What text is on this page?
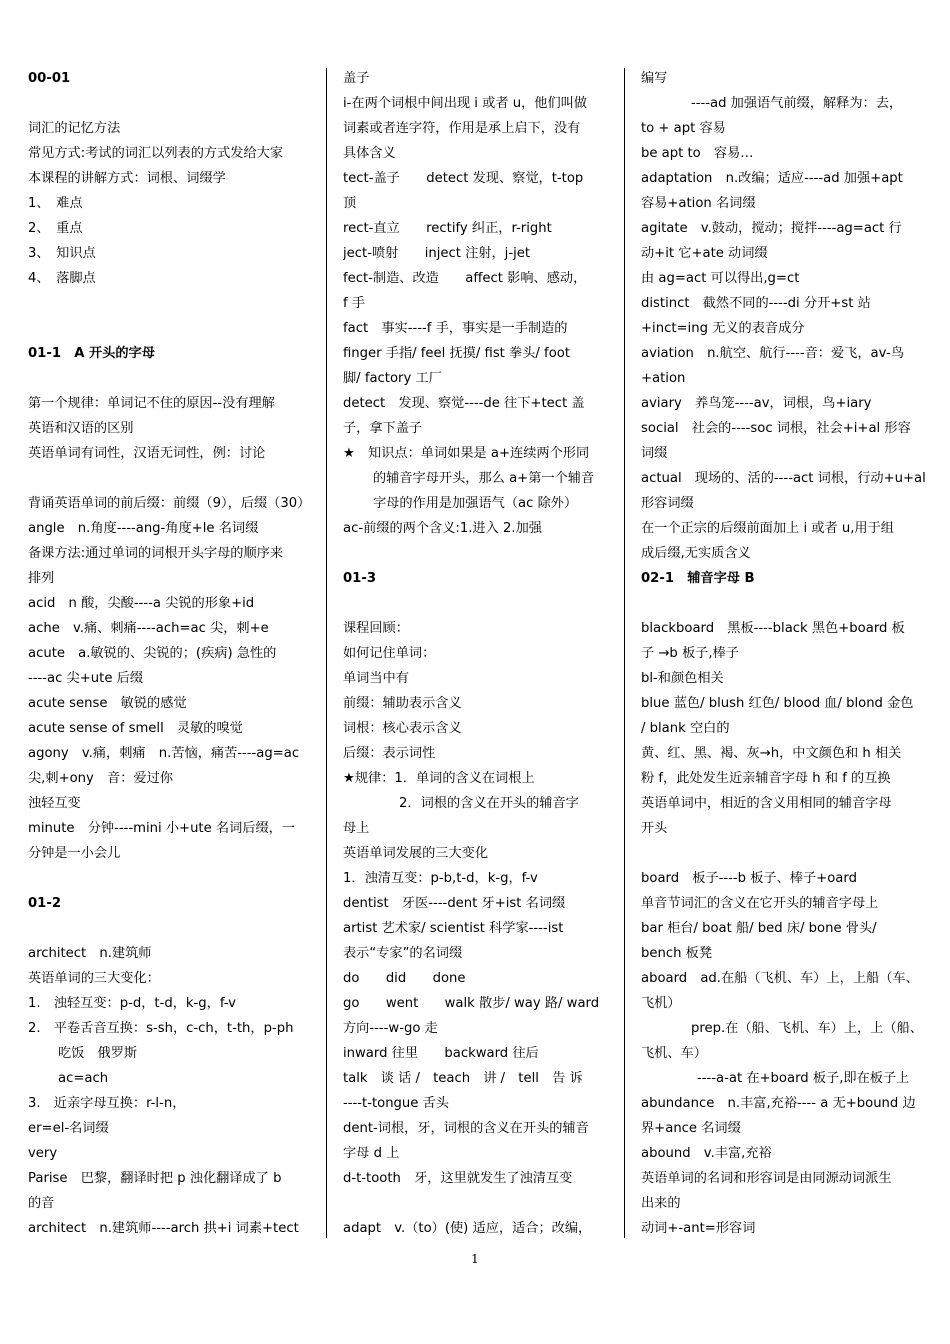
00-01
词汇的记忆方法
常见方式:考试的词汇以列表的方式发给大家
本课程的讲解方式：词根、词缀学
1、　难点
2、　重点
3、　知识点
4、　落脚点
01-1　A 开头的字母
第一个规律：单词记不住的原因--没有理解
英语和汉语的区别
英语单词有词性，汉语无词性，例：讨论
背诵英语单词的前后缀：前缀（9），后缀（30）
angle　n.角度----ang-角度+le 名词缀
备课方法:通过单词的词根开头字母的顺序来
排列
acid　n 酸，尖酸----a 尖锐的形象+id
ache　v.痛、刺痛----ach=ac 尖，刺+e
acute　a.敏锐的、尖锐的；(疾病) 急性的
----ac 尖+ute 后缀
acute sense　敏锐的感觉
acute sense of smell　灵敏的嗅觉
agony　v.痛，刺痛　n.苦恼，痛苦----ag=ac
尖,刺+ony　音：爱过你
浊轻互变
minute　分钟----mini 小+ute 名词后缀，一
分钟是一小会儿
01-2
architect　n.建筑师
英语单词的三大变化：
1.　浊轻互变：p-d，t-d，k-g，f-v
2.　平卷舌音互换：s-sh，c-ch，t-th，p-ph
吃饭　俄罗斯
ac=ach
3.　近亲字母互换：r-l-n，
er=el-名词缀
very
Parise　巴黎，翻译时把 p 浊化翻译成了 b
的音
architect　n.建筑师----arch 拱+i 词素+tect
盖子
i-在两个词根中间出现 i 或者 u，他们叫做
词素或者连字符，作用是承上启下，没有
具体含义
tect-盖子　　detect 发现、察觉，t-top
顶
rect-直立　　rectify 纠正，r-right
ject-喷射　　inject 注射，j-jet
fect-制造、改造　　affect 影响、感动，
f 手
fact　事实----f 手，事实是一手制造的
finger 手指/ feel 抚摸/ fist 拳头/ foot
脚/ factory 工厂
detect　发现、察觉----de 往下+tect 盖
子，拿下盖子
★　知识点：单词如果是 a+连续两个形同
的辅音字母开头，那么 a+第一个辅音
字母的作用是加强语气（ac 除外）
ac-前缀的两个含义:1.进入 2.加强
01-3
课程回顾：
如何记住单词：
单词当中有
前缀：辅助表示含义
词根：核心表示含义
后缀：表示词性
★规律：1．单词的含义在词根上
2．词根的含义在开头的辅音字
母上
英语单词发展的三大变化
1．浊清互变：p-b,t-d，k-g，f-v
dentist　牙医----dent 牙+ist 名词缀
artist 艺术家/ scientist 科学家----ist
表示“专家”的名词缀
do　　did　　done
go　　went　　walk 散步/ way 路/ ward
方向----w-go 走
inward 往里　　backward 往后
talk　谈 话 /　teach　讲 /　tell　告 诉
----t-tongue 舌头
dent-词根，牙，词根的含义在开头的辅音
字母 d 上
d-t-tooth　牙，这里就发生了浊清互变
adapt　v.（to）(使) 适应，适合；改编，
编写
----ad 加强语气前缀，解释为：去，
to + apt 容易
be apt to　容易…
adaptation　n.改编；适应----ad 加强+apt
容易+ation 名词缀
agitate　v.鼓动，搅动；搅拌----ag=act 行
动+it 它+ate 动词缀
由 ag=act 可以得出,g=ct
distinct　截然不同的----di 分开+st 站
+inct=ing 无义的表音成分
aviation　n.航空、航行----音：爱飞，av-鸟
+ation
aviary　养鸟笼----av，词根，鸟+iary
social　社会的----soc 词根，社会+i+al 形容
词缀
actual　现场的、活的----act 词根，行动+u+al
形容词缀
在一个正宗的后缀前面加上 i 或者 u,用于组
成后缀,无实质含义
02-1　辅音字母 B
blackboard　黑板----black 黑色+board 板
子 →b 板子,棒子
bl-和颜色相关
blue 蓝色/ blush 红色/ blood 血/ blond 金色
/ blank 空白的
黄、红、黑、褐、灰→h，中文颜色和 h 相关
粉 f，此处发生近亲辅音字母 h 和 f 的互换
英语单词中，相近的含义用相同的辅音字母
开头
board　板子----b 板子、棒子+oard
单音节词汇的含义在它开头的辅音字母上
bar 柜台/ boat 船/ bed 床/ bone 骨头/
bench 板凳
aboard　ad.在船（飞机、车）上，上船（车、
飞机）
prep.在（船、飞机、车）上，上（船、
飞机、车）
----a-at 在+board 板子,即在板子上
abundance　n.丰富,充裕---- a 无+bound 边
界+ance 名词缀
abound　v.丰富,充裕
英语单词的名词和形容词是由同源动词派生
出来的
动词+-ant=形容词
1
